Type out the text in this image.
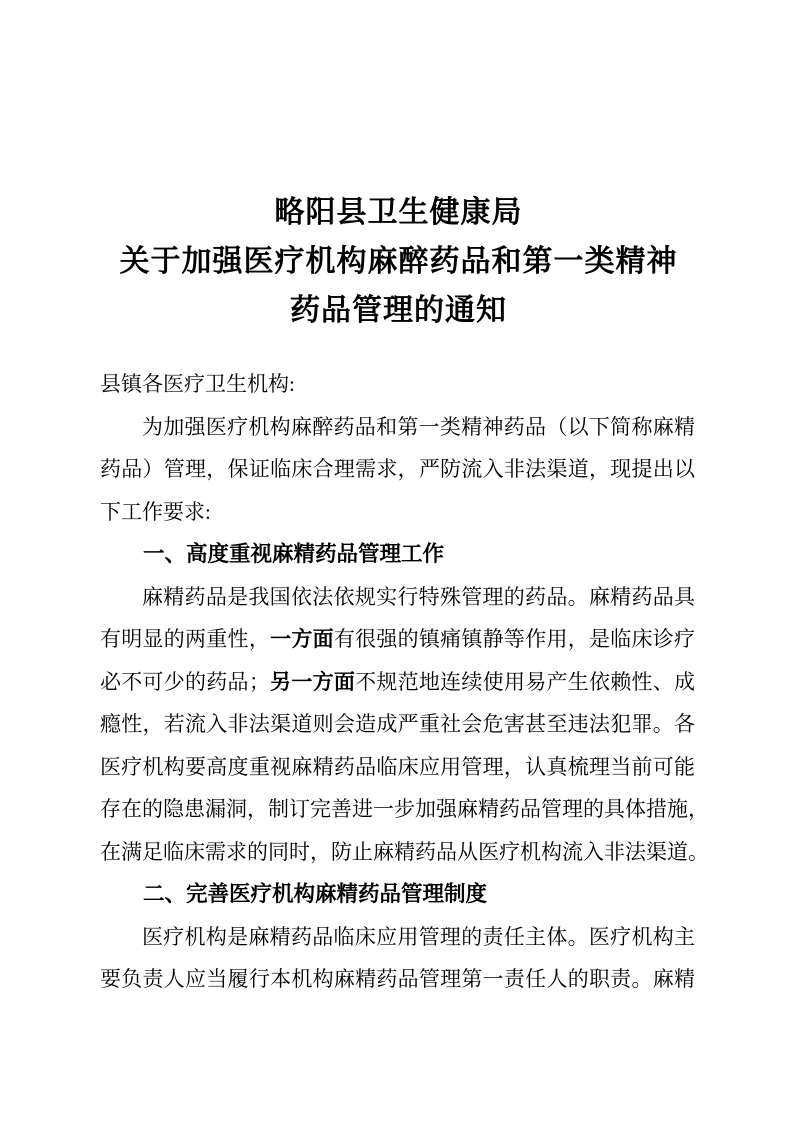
略阳县卫生健康局
关于加强医疗机构麻醉药品和第一类精神
药品管理的通知
县镇各医疗卫生机构:
为加强医疗机构麻醉药品和第一类精神药品（以下简称麻精
药品）管理，保证临床合理需求，严防流入非法渠道，现提出以
下工作要求:
一、高度重视麻精药品管理工作
麻精药品是我国依法依规实行特殊管理的药品。麻精药品具
有明显的两重性，一方面有很强的镇痛镇静等作用，是临床诊疗
必不可少的药品；另一方面不规范地连续使用易产生依赖性、成
瘾性，若流入非法渠道则会造成严重社会危害甚至违法犯罪。各
医疗机构要高度重视麻精药品临床应用管理，认真梳理当前可能
存在的隐患漏洞，制订完善进一步加强麻精药品管理的具体措施，
在满足临床需求的同时，防止麻精药品从医疗机构流入非法渠道。
二、完善医疗机构麻精药品管理制度
医疗机构是麻精药品临床应用管理的责任主体。医疗机构主
要负责人应当履行本机构麻精药品管理第一责任人的职责。麻精
